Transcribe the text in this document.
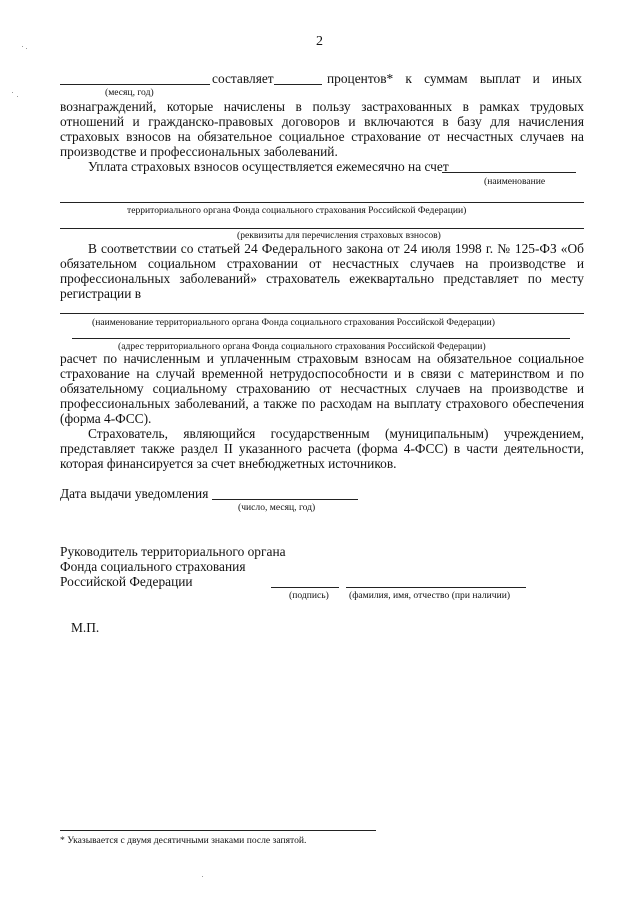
2
составляет	процентов* к суммам выплат и иных
(месяц, год)
вознаграждений, которые начислены в пользу застрахованных в рамках трудовых
отношений и гражданско-правовых договоров и включаются в базу для начисления
страховых взносов на обязательное социальное страхование от несчастных случаев на
производстве и профессиональных заболеваний.
Уплата страховых взносов осуществляется ежемесячно на счет
(наименование
территориального органа Фонда социального страхования Российской Федерации)
(реквизиты для перечисления страховых взносов)
В соответствии со статьей 24 Федерального закона от 24 июля 1998 г. № 125-ФЗ «Об
обязательном социальном страховании от несчастных случаев на производстве и
профессиональных заболеваний» страхователь ежеквартально представляет по месту
регистрации в
(наименование территориального органа Фонда социального страхования Российской Федерации)
(адрес территориального органа Фонда социального страхования Российской Федерации)
расчет по начисленным и уплаченным страховым взносам на обязательное социальное
страхование на случай временной нетрудоспособности и в связи с материнством и по
обязательному социальному страхованию от несчастных случаев на производстве и
профессиональных заболеваний, а также по расходам на выплату страхового обеспечения
(форма 4-ФСС).
Страхователь, являющийся государственным (муниципальным) учреждением,
представляет также раздел II указанного расчета (форма 4-ФСС) в части деятельности,
которая финансируется за счет внебюджетных источников.
Дата выдачи уведомления
(число, месяц, год)
Руководитель территориального органа
Фонда социального страхования
Российской Федерации
(подпись) (фамилия, имя, отчество (при наличии)
М.П.
* Указывается с двумя десятичными знаками после запятой.
